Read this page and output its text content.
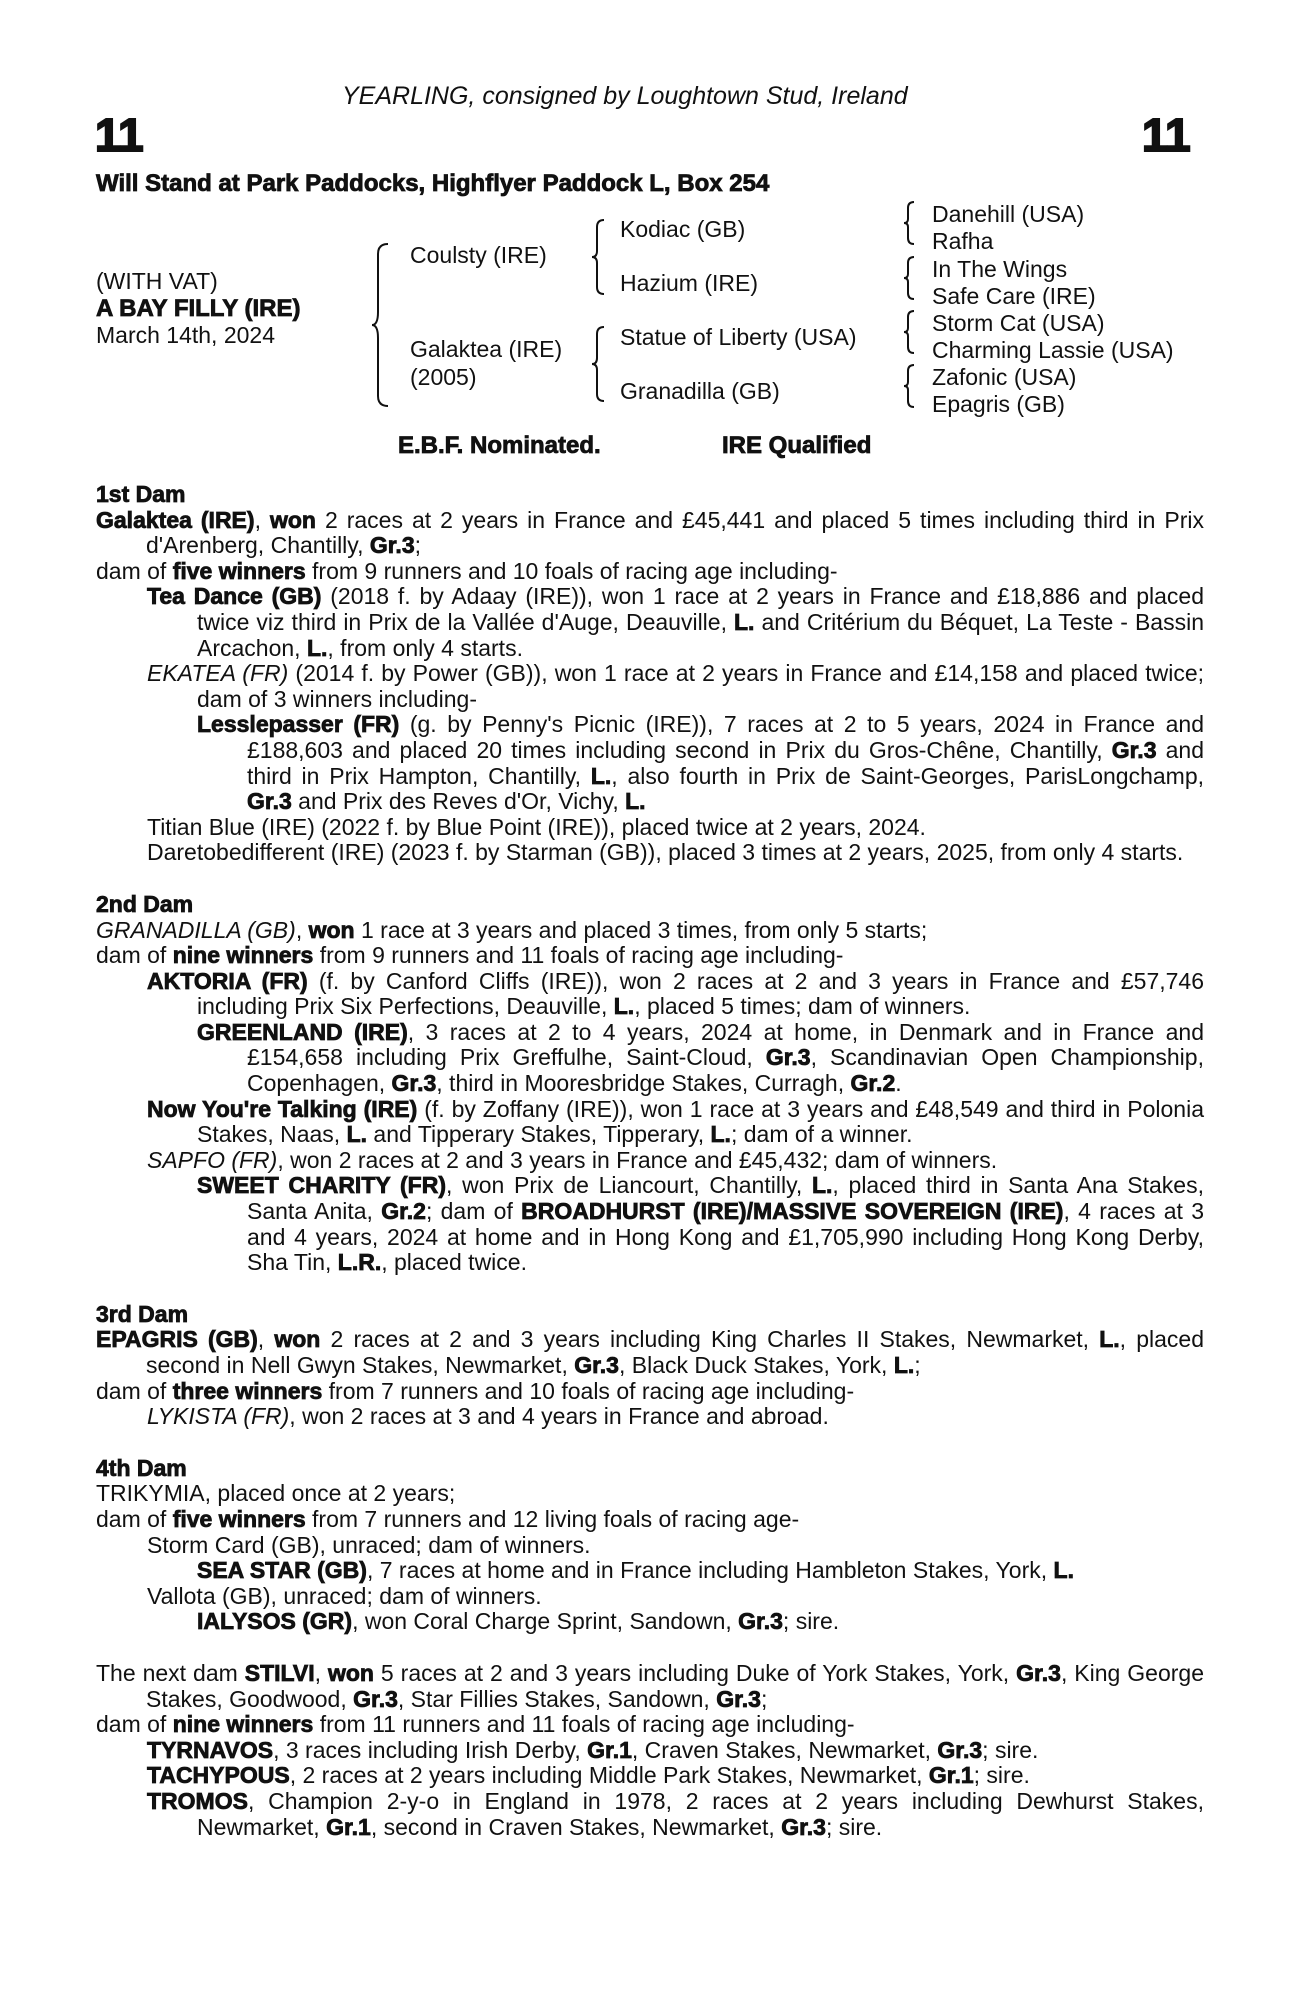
YEARLING, consigned by Loughtown Stud, Ireland
11	11
Will Stand at Park Paddocks, Highflyer Paddock L, Box 254
(WITH VAT)
A BAY FILLY (IRE)
March 14th, 2024
Coulsty (IRE)
Galaktea (IRE)
(2005)
Kodiac (GB)
Hazium (IRE)
Statue of Liberty (USA)
Granadilla (GB)
Danehill (USA)
Rafha
In The Wings
Safe Care (IRE)
Storm Cat (USA)
Charming Lassie (USA)
Zafonic (USA)
Epagris (GB)
E.B.F. Nominated.	IRE Qualified
1st Dam
Galaktea (IRE), won 2 races at 2 years in France and £45,441 and placed 5 times including third in Prix d'Arenberg, Chantilly, Gr.3;
dam of five winners from 9 runners and 10 foals of racing age including-
Tea Dance (GB) (2018 f. by Adaay (IRE)), won 1 race at 2 years in France and £18,886 and placed twice viz third in Prix de la Vallée d'Auge, Deauville, L. and Critérium du Béquet, La Teste - Bassin Arcachon, L., from only 4 starts.
EKATEA (FR) (2014 f. by Power (GB)), won 1 race at 2 years in France and £14,158 and placed twice; dam of 3 winners including-
Lesslepasser (FR) (g. by Penny's Picnic (IRE)), 7 races at 2 to 5 years, 2024 in France and £188,603 and placed 20 times including second in Prix du Gros-Chêne, Chantilly, Gr.3 and third in Prix Hampton, Chantilly, L., also fourth in Prix de Saint-Georges, ParisLongchamp, Gr.3 and Prix des Reves d'Or, Vichy, L.
Titian Blue (IRE) (2022 f. by Blue Point (IRE)), placed twice at 2 years, 2024.
Daretobedifferent (IRE) (2023 f. by Starman (GB)), placed 3 times at 2 years, 2025, from only 4 starts.
2nd Dam
GRANADILLA (GB), won 1 race at 3 years and placed 3 times, from only 5 starts;
dam of nine winners from 9 runners and 11 foals of racing age including-
AKTORIA (FR) (f. by Canford Cliffs (IRE)), won 2 races at 2 and 3 years in France and £57,746 including Prix Six Perfections, Deauville, L., placed 5 times; dam of winners.
GREENLAND (IRE), 3 races at 2 to 4 years, 2024 at home, in Denmark and in France and £154,658 including Prix Greffulhe, Saint-Cloud, Gr.3, Scandinavian Open Championship, Copenhagen, Gr.3, third in Mooresbridge Stakes, Curragh, Gr.2.
Now You're Talking (IRE) (f. by Zoffany (IRE)), won 1 race at 3 years and £48,549 and third in Polonia Stakes, Naas, L. and Tipperary Stakes, Tipperary, L.; dam of a winner.
SAPFO (FR), won 2 races at 2 and 3 years in France and £45,432; dam of winners.
SWEET CHARITY (FR), won Prix de Liancourt, Chantilly, L., placed third in Santa Ana Stakes, Santa Anita, Gr.2; dam of BROADHURST (IRE)/MASSIVE SOVEREIGN (IRE), 4 races at 3 and 4 years, 2024 at home and in Hong Kong and £1,705,990 including Hong Kong Derby, Sha Tin, L.R., placed twice.
3rd Dam
EPAGRIS (GB), won 2 races at 2 and 3 years including King Charles II Stakes, Newmarket, L., placed second in Nell Gwyn Stakes, Newmarket, Gr.3, Black Duck Stakes, York, L.;
dam of three winners from 7 runners and 10 foals of racing age including-
LYKISTA (FR), won 2 races at 3 and 4 years in France and abroad.
4th Dam
TRIKYMIA, placed once at 2 years;
dam of five winners from 7 runners and 12 living foals of racing age-
Storm Card (GB), unraced; dam of winners.
SEA STAR (GB), 7 races at home and in France including Hambleton Stakes, York, L.
Vallota (GB), unraced; dam of winners.
IALYSOS (GR), won Coral Charge Sprint, Sandown, Gr.3; sire.
The next dam STILVI, won 5 races at 2 and 3 years including Duke of York Stakes, York, Gr.3, King George Stakes, Goodwood, Gr.3, Star Fillies Stakes, Sandown, Gr.3;
dam of nine winners from 11 runners and 11 foals of racing age including-
TYRNAVOS, 3 races including Irish Derby, Gr.1, Craven Stakes, Newmarket, Gr.3; sire.
TACHYPOUS, 2 races at 2 years including Middle Park Stakes, Newmarket, Gr.1; sire.
TROMOS, Champion 2-y-o in England in 1978, 2 races at 2 years including Dewhurst Stakes, Newmarket, Gr.1, second in Craven Stakes, Newmarket, Gr.3; sire.
